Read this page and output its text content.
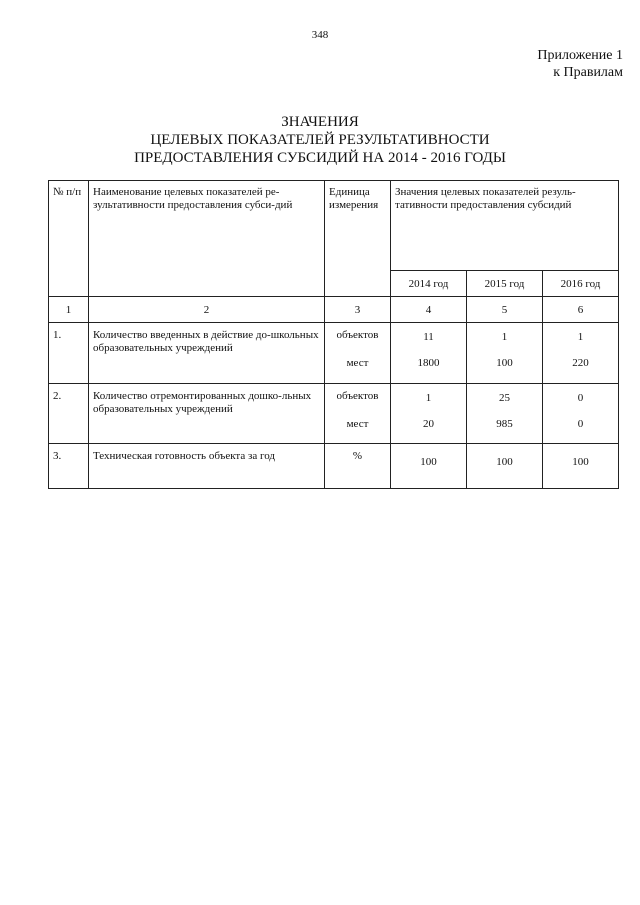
348
Приложение 1
к Правилам
ЗНАЧЕНИЯ
ЦЕЛЕВЫХ ПОКАЗАТЕЛЕЙ РЕЗУЛЬТАТИВНОСТИ
ПРЕДОСТАВЛЕНИЯ СУБСИДИЙ НА 2014 - 2016 ГОДЫ
№ п/п	Наименование целевых показателей ре-зультативности предоставления субси-дий	Единица измерения	Значения целевых показателей резуль-тативности предоставления субсидий		
			2014 год	2015 год	2016 год
1	2	3	4	5	6
1.	Количество введенных в действие до-школьных образовательных учреждений	объектов	11	1	1
		мест	1800	100	220
2.	Количество отремонтированных дошко-льных образовательных учреждений	объектов	1	25	0
		мест	20	985	0
3.	Техническая готовность объекта за год	%	100	100	100
